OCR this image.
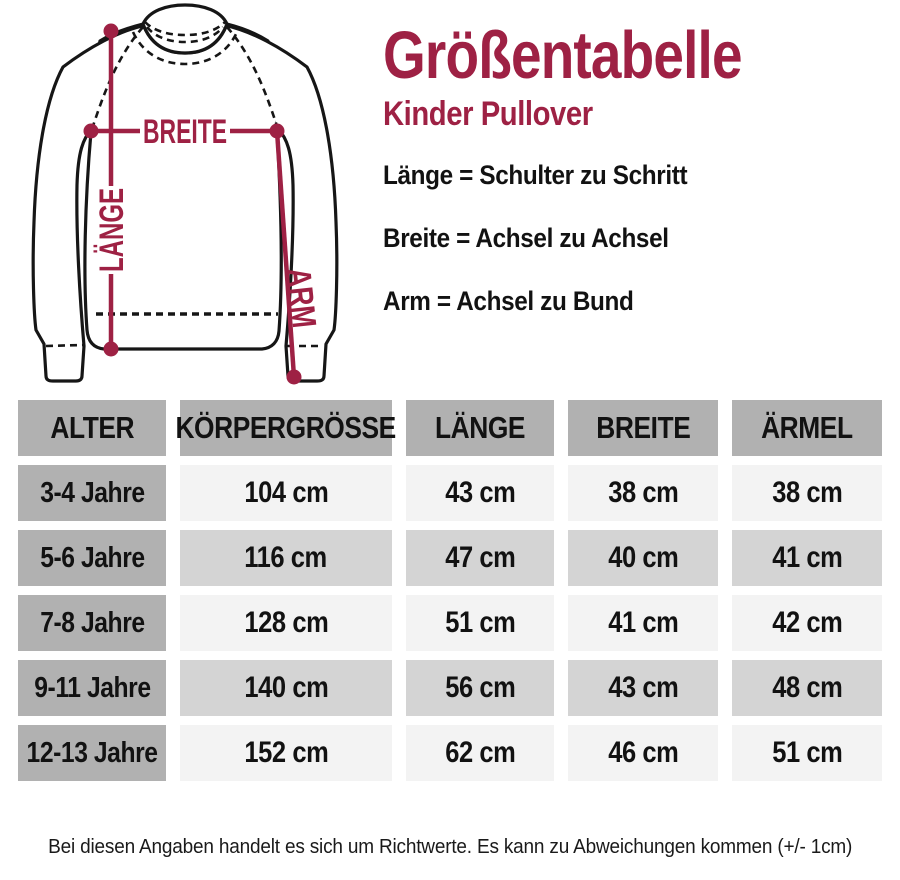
BREITE
LÄNGE
ARM
Größentabelle
Kinder Pullover

Länge = Schulter zu Schritt

Breite = Achsel zu Achsel

Arm = Achsel zu Bund

ALTER KÖRPERGRÖSSE LÄNGE BREITE ÄRMEL
3-4 Jahre	104 cm	43 cm	38 cm	38 cm
5-6 Jahre	116 cm	47 cm	40 cm	41 cm
7-8 Jahre	128 cm	51 cm	41 cm	42 cm
9-11 Jahre	140 cm	56 cm	43 cm	48 cm
12-13 Jahre	152 cm	62 cm	46 cm	51 cm
Bei diesen Angaben handelt es sich um Richtwerte. Es kann zu Abweichungen kommen (+/- 1cm)
